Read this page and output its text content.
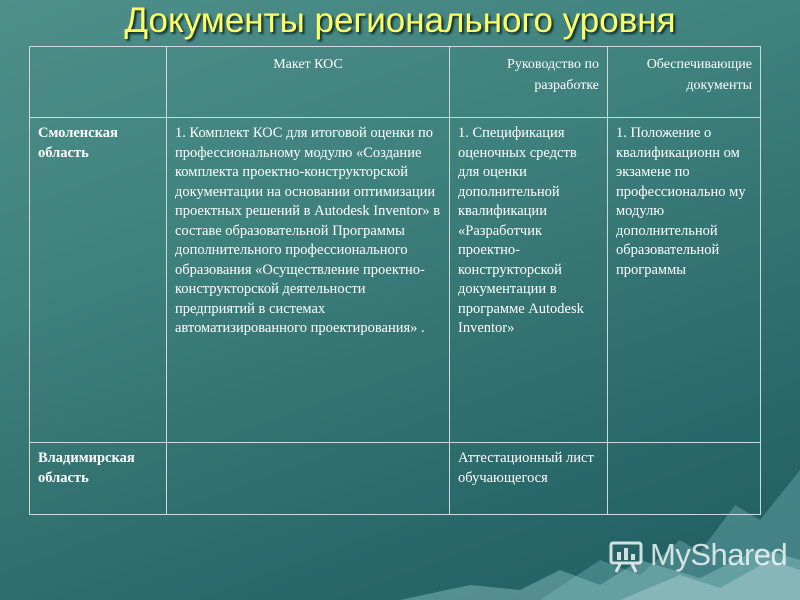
Документы регионального уровня
	Макет КОС	Руководство по разработке	Обеспечивающие документы
Смоленская область	1. Комплект КОС для итоговой оценки по профессиональному модулю «Создание комплекта проектно-конструкторской документации на основании оптимизации проектных решений в Autodesk Inventor» в составе образовательной Программы дополнительного профессионального образования «Осуществление проектно-конструкторской деятельности предприятий в системах автоматизированного проектирования» .	1. Спецификация оценочных средств для оценки дополнительной квалификации «Разработчик проектно-конструкторской документации в программе Autodesk Inventor»	1. Положение о квалификационн ом экзамене по профессионально му модулю дополнительной образовательной программы
Владимирская область		Аттестационный лист обучающегося	
MyShared
